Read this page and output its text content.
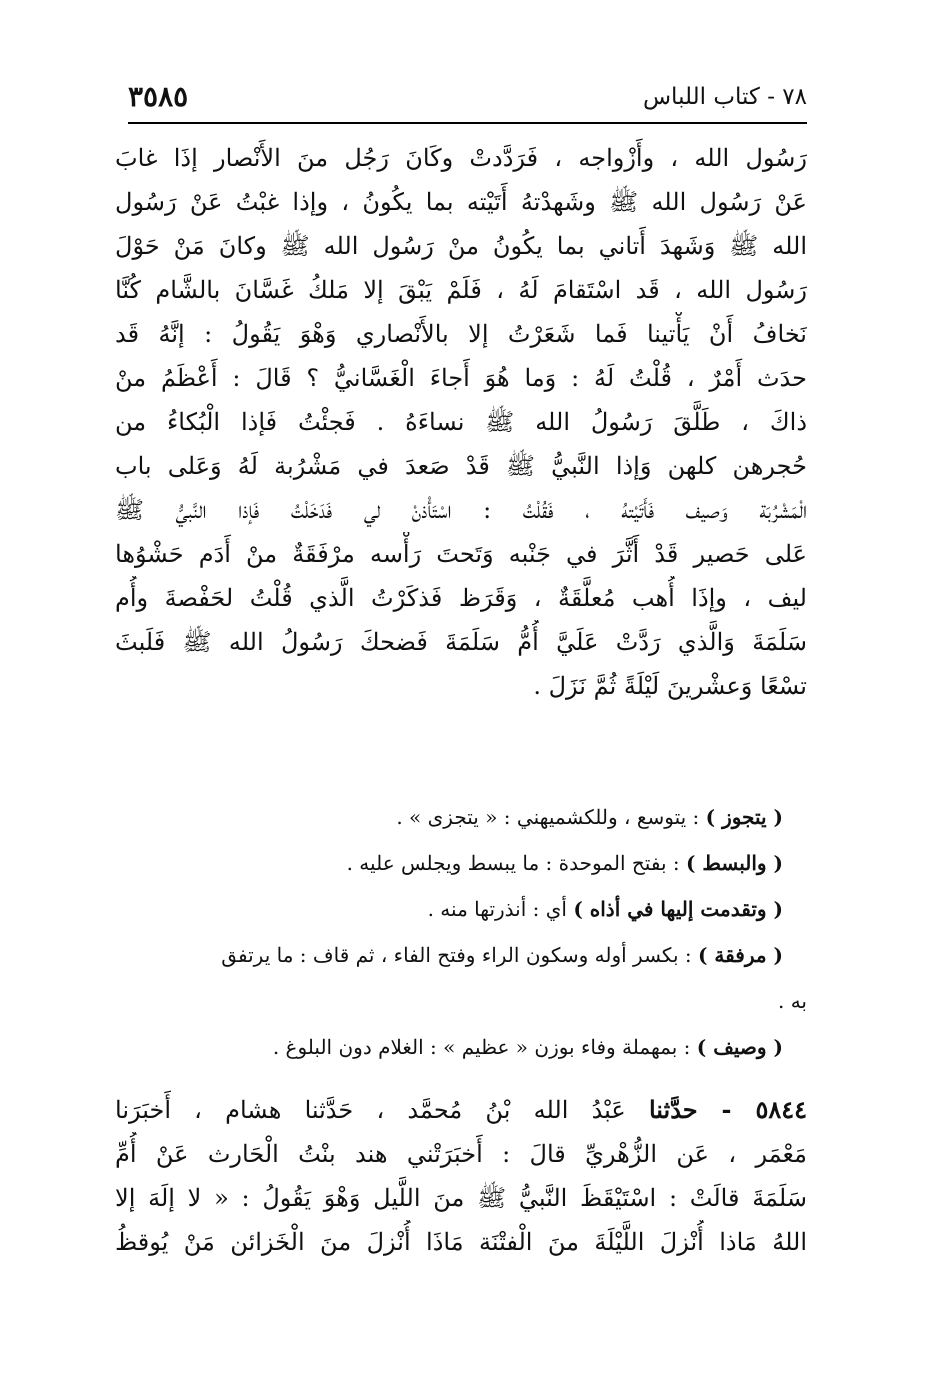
٧٨ - كتاب اللباس
٣٥٨٥
رَسُول الله ، وأَزْواجه ، فَرَدَّدتْ وكَانَ رَجُل منَ الأَنْصار إذَا غابَ
عَنْ رَسُول الله ﷺ وشَهدْتهُ أَتَيْته بما يكُونُ ، وإذا غبْتُ عَنْ رَسُول
الله ﷺ وَشَهدَ أَتاني بما يكُونُ منْ رَسُول الله ﷺ وكانَ مَنْ حَوْلَ
رَسُول الله ، قَد اسْتَقامَ لَهُ ، فَلَمْ يَبْقَ إلا مَلكُ غَسَّانَ بالشَّام كُنَّا
نَخافُ أَنْ يَأْتينا فَما شَعَرْتُ إلا بالأَنْصاري وَهْوَ يَقُولُ : إنَّهُ قَد
حدَث أَمْرٌ ، قُلْتُ لَهُ : وَما هُوَ أَجاءَ الْغَسَّانيُّ ؟ قَالَ : أَعْظَمُ منْ
ذاكَ ، طَلَّقَ رَسُولُ الله ﷺ نساءَهُ . فَجئْتُ فَإذا الْبُكاءُ من
حُجرهن كلهن وَإذا النَّبيُّ ﷺ قَدْ صَعدَ في مَشْرُبة لَهُ وَعَلى باب
الْمَشْرُبَة وَصيف فَأَتَيْتهُ ، فَقُلْتُ : اسْتَأْذنْ لي فَدَخَلْتُ فَإذا النَّبيُّ ﷺ
عَلى حَصير قَدْ أَثَّرَ في جَنْبه وَتَحتَ رَأْسه مرْفَقَةٌ منْ أَدَم حَشْوُها
ليف ، وإذَا أُهب مُعلَّقَةٌ ، وَقَرَظ فَذكَرْتُ الَّذي قُلْتُ لحَفْصةَ وأُم
سَلَمَةَ وَالَّذي رَدَّتْ عَلَيَّ أُمُّ سَلَمَةَ فَضحكَ رَسُولُ الله ﷺ فَلَبثَ
تسْعًا وَعشْرينَ لَيْلَةً ثُمَّ نَزَلَ .
( يتجوز ) : يتوسع ، وللكشميهني : « يتجزى » .
( والبسط ) : بفتح الموحدة : ما يبسط ويجلس عليه .
( وتقدمت إليها في أذاه ) أي : أنذرتها منه .
( مرفقة ) : بكسر أوله وسكون الراء وفتح الفاء ، ثم قاف : ما يرتفق
به .
( وصيف ) : بمهملة وفاء بوزن « عظيم » : الغلام دون البلوغ .
٥٨٤٤ - حدَّثنا عَبْدُ الله بْنُ مُحمَّد ، حَدَّثنا هشام ، أَخبَرَنا
مَعْمَر ، عَن الزُّهْريِّ قالَ : أَخبَرَتْني هند بنْتُ الْحَارث عَنْ أُمِّ
سَلَمَةَ قالَتْ : اسْتَيْقَظَ النَّبيُّ ﷺ منَ اللَّيل وَهْوَ يَقُولُ : « لا إلَهَ إلا
اللهُ مَاذا أُنْزلَ اللَّيْلَةَ منَ الْفتْنَة مَاذَا أُنْزلَ منَ الْخَزائن مَنْ يُوقظُ
